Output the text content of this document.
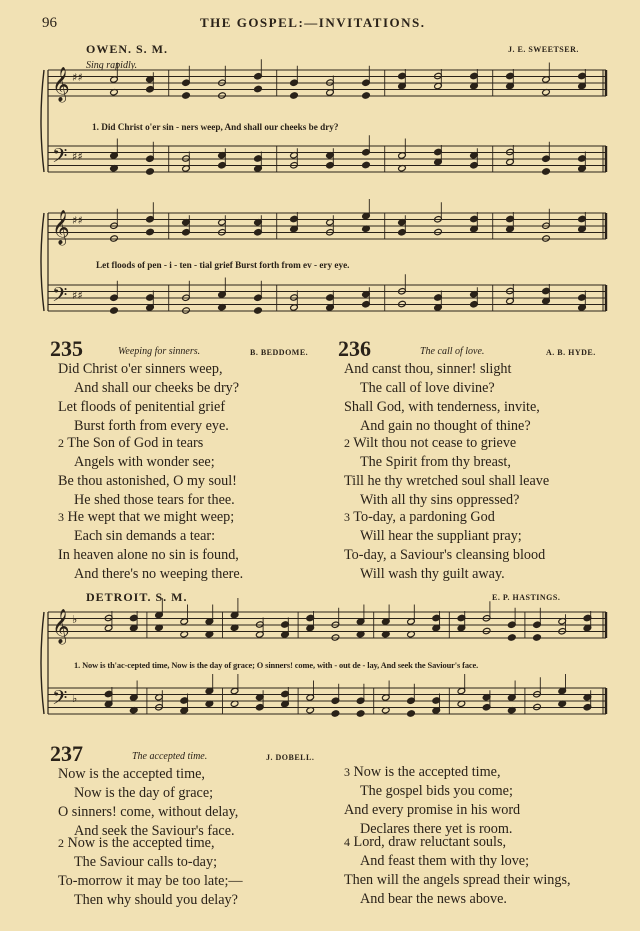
96	THE GOSPEL:—INVITATIONS.
OWEN. S. M.	J. E. SWEETSER.
Sing rapidly.
𝄞
𝄢
♯♯
♯♯
1. Did Christ o'er sin - ners weep, And shall our cheeks be dry?
𝄞
𝄢
♯♯
♯♯
Let floods of pen - i - ten - tial grief Burst forth from ev - ery eye.
235	Weeping for sinners.	B. BEDDOME.
Did Christ o'er sinners weep,
And shall our cheeks be dry?
Let floods of penitential grief
Burst forth from every eye.
2 The Son of God in tears
Angels with wonder see;
Be thou astonished, O my soul!
He shed those tears for thee.
3 He wept that we might weep;
Each sin demands a tear:
In heaven alone no sin is found,
And there's no weeping there.
236	The call of love.	A. B. HYDE.
And canst thou, sinner! slight
The call of love divine?
Shall God, with tenderness, invite,
And gain no thought of thine?
2 Wilt thou not cease to grieve
The Spirit from thy breast,
Till he thy wretched soul shall leave
With all thy sins oppressed?
3 To-day, a pardoning God
Will hear the suppliant pray;
To-day, a Saviour's cleansing blood
Will wash thy guilt away.
DETROIT. S. M.	E. P. HASTINGS.
𝄞
𝄢
♭
♭
1. Now is th'ac-cepted time, Now is the day of grace; O sinners! come, with - out de - lay, And seek the Saviour's face.
237	The accepted time.	J. DOBELL.
Now is the accepted time,
Now is the day of grace;
O sinners! come, without delay,
And seek the Saviour's face.
2 Now is the accepted time,
The Saviour calls to-day;
To-morrow it may be too late;—
Then why should you delay?
3 Now is the accepted time,
The gospel bids you come;
And every promise in his word
Declares there yet is room.
4 Lord, draw reluctant souls,
And feast them with thy love;
Then will the angels spread their wings,
And bear the news above.
